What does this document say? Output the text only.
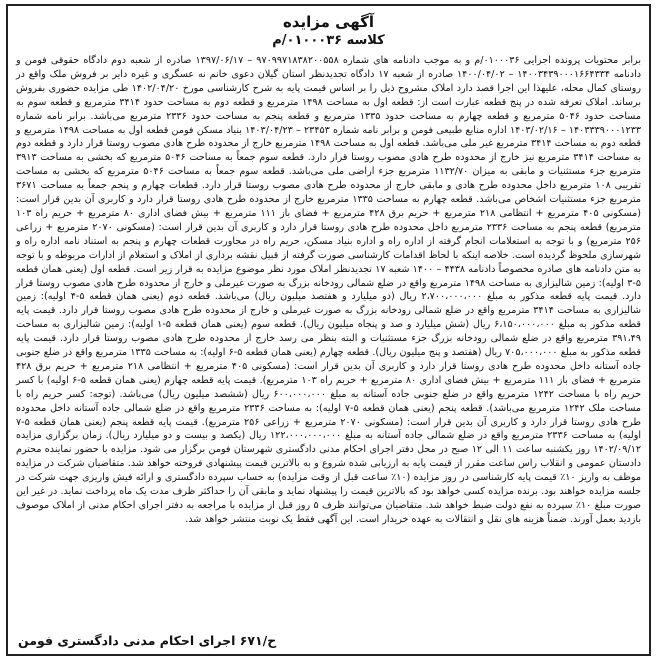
آگهی مزایده

کلاسه ۰۱۰۰۰۳۶/م

برابر محتویات پرونده اجرایی ۰۱۰۰۰۳۶/م و به موجب دادنامه های شماره ۹۷۰۹۹۷۱۸۳۸۲۰۰۵۵۸ – ۱۳۹۷/۰۶/۱۷ صادره از شعبه دوم دادگاه حقوقی فومن و دادنامه ۱۴۰۰۳۴۳۹۰۰۰۱۶۶۴۳۳۴ – ۱۴۰۰/۰۴/۰۲ صادره از شعبه ۱۷ دادگاه تجدیدنظر استان گیلان دعوی خانم نه عسگری و غیره دایر بر فروش ملک واقع در روستای کمال محله، علیهذا این اجرا قصد دارد املاک مشروح ذیل را بر اساس قیمت پایه به شرح کارشناسی مورخ ۱۴۰۲/۰۴/۲۰ طی مزایده حضوری بفروش برساند. املاک تعرفه شده در پنج قطعه عبارت است از: قطعه اول به مساحت ۱۴۹۸ مترمربع و قطعه دوم به مساحت حدود ۳۴۱۴ مترمربع و قطعه سوم به مساحت حدود ۵۰۴۶ مترمربع و قطعه چهارم به مساحت حدود ۱۳۳۵ مترمربع و قطعه پنجم به مساحت حدود ۲۳۳۶ مترمربع می‌باشد. برابر نامه شماره ۱۴۰۳۳۳۹۰۰۰۱۲۳۳ – ۱۴۰۳/۰۲/۱۶ اداره منابع طبیعی فومن و برابر نامه شماره ۲۳۴۵۳ – ۱۴۰۳/۰۴/۲۳ بنیاد مسکن فومن قطعه اول به مساحت ۱۴۹۸ مترمربع و قطعه دوم به مساحت ۳۴۱۴ مترمربع غیر ملی می‌باشد. قطعه اول به مساحت ۱۴۹۸ مترمربع خارج از محدوده طرح هادی مصوب روستا قرار دارد و قطعه دوم به مساحت ۳۴۱۴ مترمربع نیز خارج از محدوده طرح هادی مصوب روستا قرار دارد. قطعه سوم جمعاً به مساحت ۵۰۴۶ مترمربع که بخشی به مساحت ۳۹۱۳ مترمربع جزء مستثنیات و مابقی به میزان ۱۱۳۲/۷۰ مترمربع جزء اراضی ملی می‌باشد. قطعه سوم جمعاً به مساحت ۵۰۴۶ مترمربع که بخشی به مساحت تقریبی ۱۰۸ مترمربع داخل محدوده طرح هادی و مابقی خارج از محدوده طرح هادی مصوب روستا قرار دارد. قطعات چهارم و پنجم جمعاً به مساحت ۳۶۷۱ مترمربع جزء مستثنیات اشخاص می‌باشد. قطعه چهارم به مساحت ۱۳۳۵ مترمربع خارج از محدوده طرح هادی روستا قرار دارد و کاربری آن بدین قرار است: (مسکونی ۴۰۵ مترمربع + انتظامی ۲۱۸ مترمربع + حریم برق ۴۲۸ مترمربع + فضای باز ۱۱۱ مترمربع + بیش فضای اداری ۸۰ مترمربع + حریم راه ۱۰۳ مترمربع) قطعه پنجم به مساحت ۲۳۳۶ مترمربع داخل محدوده طرح هادی روستا قرار دارد و کاربری آن بدین قرار است: (مسکونی ۲۰۷۰ مترمربع + زراعی ۲۵۶ مترمربع) و با توجه به استعلامات انجام گرفته از اداره راه و اداره بنیاد مسکن، حریم راه در مجاورت قطعات چهارم و پنجم به استناد نامه اداره راه و شهرسازی ملحوظ گردیده است. خلاصه اینکه با لحاظ اقدامات کارشناسی صورت گرفته از قبیل نقشه برداری از املاک و استعلام از ادارات مربوطه و با توجه به متن دادنامه های صادره مخصوصاً دادنامه ۴۴۳۸ – ۱۴۰۰ شعبه ۱۷ تجدیدنظر املاک مورد نظر موضوع مزایده به قرار زیر است. قطعه اول (یعنی همان قطعه ۵-۳ اولیه): زمین شالیزاری به مساحت ۱۴۹۸ مترمربع واقع در ضلع شمالی رودخانه بزرگ به صورت غیرملی و خارج از محدوده طرح هادی مصوب روستا قرار دارد. قیمت پایه قطعه مذکور به مبلغ ۲،۷۰۰،۰۰۰،۰۰۰ ریال (دو میلیارد و هفتصد میلیون ریال) می‌باشد. قطعه دوم (یعنی همان قطعه ۵-۴ اولیه): زمین شالیزاری به مساحت ۳۴۱۴ مترمربع واقع در ضلع شمالی رودخانه بزرگ به صورت غیرملی و خارج از محدوده طرح هادی مصوب روستا قرار دارد. قیمت پایه قطعه مذکور به مبلغ ۶،۱۵۰،۰۰۰،۰۰۰ ریال (شش میلیارد و صد و پنجاه میلیون ریال). قطعه سوم (یعنی همان قطعه ۵-۱ اولیه): زمین شالیزاری به مساحت ۳۹۱،۴۹ مترمربع واقع در ضلع شمالی رودخانه بزرگ جزء مستثنیات و البته بنظر می رسد خارج از محدوده طرح هادی مصوب روستا قرار دارد. قیمت پایه قطعه مذکور به مبلغ ۷۰۵،۰۰۰،۰۰۰ ریال (هفتصد و پنج میلیون ریال). قطعه چهارم (یعنی همان قطعه ۵-۶ اولیه): به مساحت ۱۳۳۵ مترمربع واقع در ضلع جنوبی جاده آستانه داخل محدوده طرح هادی روستا قرار دارد و کاربری آن بدین قرار است: (مسکونی ۴۰۵ مترمربع + انتظامی ۲۱۸ مترمربع + حریم برق ۴۲۸ مترمربع + فضای باز ۱۱۱ مترمربع + بیش فضای اداری ۸۰ مترمربع + حریم راه ۱۰۳ مترمربع). قیمت پایه قطعه چهارم (یعنی همان قطعه ۵-۶ اولیه) با کسر حریم راه با مساحت ۱۲۴۲ مترمربع واقع در ضلع جنوبی جاده آستانه به مبلغ ۶۰۰،۰۰۰،۰۰۰ ریال (ششصد میلیون ریال) می‌باشد. (توجه: کسر حریم راه با مساحت ملک ۱۲۴۲ مترمربع می‌باشد). قطعه پنجم (یعنی همان قطعه ۵-۷ اولیه): به مساحت ۲۳۳۶ مترمربع واقع در ضلع شمالی جاده آستانه داخل محدوده طرح هادی روستا قرار دارد و کاربری آن بدین قرار است: (مسکونی ۲۰۷۰ مترمربع + زراعی ۲۵۶ مترمربع). قیمت پایه قطعه پنجم (یعنی همان قطعه ۵-۷ اولیه) به مساحت ۲۳۳۶ مترمربع واقع در ضلع شمالی جاده آستانه به مبلغ ۱۲۲،۰۰۰،۰۰۰،۰۰۰ ریال (یکصد و بیست و دو میلیارد ریال). زمان برگزاری مزایده ۱۴۰۲/۰۹/۱۲ روز یکشنبه ساعت ۱۱ الی ۱۲ صبح در محل دفتر اجرای احکام مدنی دادگستری شهرستان فومن برگزار می شود. مزایده با حضور نماینده محترم دادستان عمومی و انقلاب راس ساعت مقرر از قیمت پایه به ارزیابی شده شروع و به بالاترین قیمت پیشنهادی فروخته خواهد شد. متقاضیان شرکت در مزایده موظف به واریز ۱۰٪ قیمت پایه کارشناسی در روز مزایده (۱۰٪ ساعت قبل از وقت مزایده) به حساب سپرده دادگستری و ارائه فیش واریزی جهت شرکت در جلسه مزایده خواهند بود. برنده مزایده کسی خواهد بود که بالاترین قیمت را پیشنهاد نماید و مابقی آن را حداکثر ظرف مدت یک ماه پرداخت نماید. در غیر این صورت مبلغ ۱۰٪ سپرده به نفع دولت ضبط خواهد شد. متقاضیان می‌توانند ظرف ۵ روز قبل از مزایده با مراجعه به دفتر اجرای احکام مدنی از املاک موصوف بازدید بعمل آورند. ضمناً هزینه های نقل و انتقالات به عهده خریدار است. این آگهی فقط یک نوبت منتشر خواهد شد.

ح/۶۷۱ اجرای احکام مدنی دادگستری فومن
